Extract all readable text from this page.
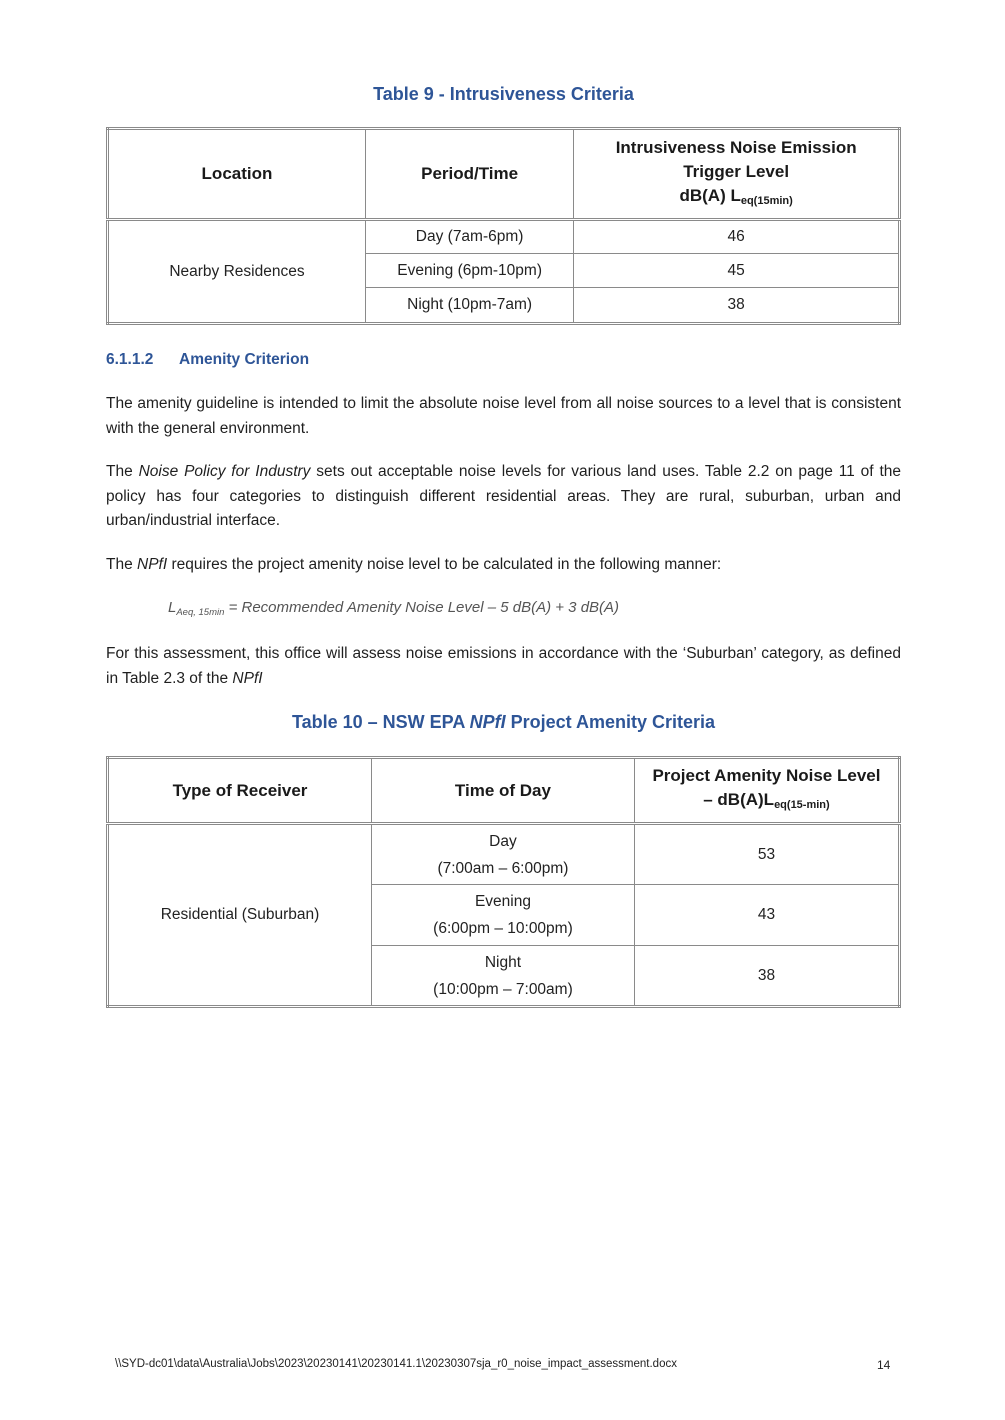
Table 9 - Intrusiveness Criteria
Location	Period/Time	Intrusiveness Noise Emission
Trigger Level
dB(A) $L_{eq(15min)}$

Nearby Residences	Day (7am-6pm)	46
	Evening (6pm-10pm)	45
	Night (10pm-7am)	38
6.1.1.2 Amenity Criterion
The amenity guideline is intended to limit the absolute noise level from all noise sources to a level that is consistent with the general environment.
The Noise Policy for Industry sets out acceptable noise levels for various land uses. Table 2.2 on page 11 of the policy has four categories to distinguish different residential areas. They are rural, suburban, urban and urban/industrial interface.
The NPfI requires the project amenity noise level to be calculated in the following manner:
$L_{Aeq, 15min}$ = Recommended Amenity Noise Level – 5 dB(A) + 3 dB(A)
For this assessment, this office will assess noise emissions in accordance with the ‘Suburban’ category, as defined in Table 2.3 of the NPfI
Table 10 – NSW EPA NPfI Project Amenity Criteria
Type of Receiver	Time of Day	Project Amenity Noise Level
– $dB(A)L_{eq(15-min)}$

Residential (Suburban)	Day
(7:00am – 6:00pm)	53

	Evening
(6:00pm – 10:00pm)	43

	Night
(10:00pm – 7:00am)	38
\\SYD-dc01\data\Australia\Jobs\2023\20230141\20230141.1\20230307sja_r0_noise_impact_assessment.docx	14
